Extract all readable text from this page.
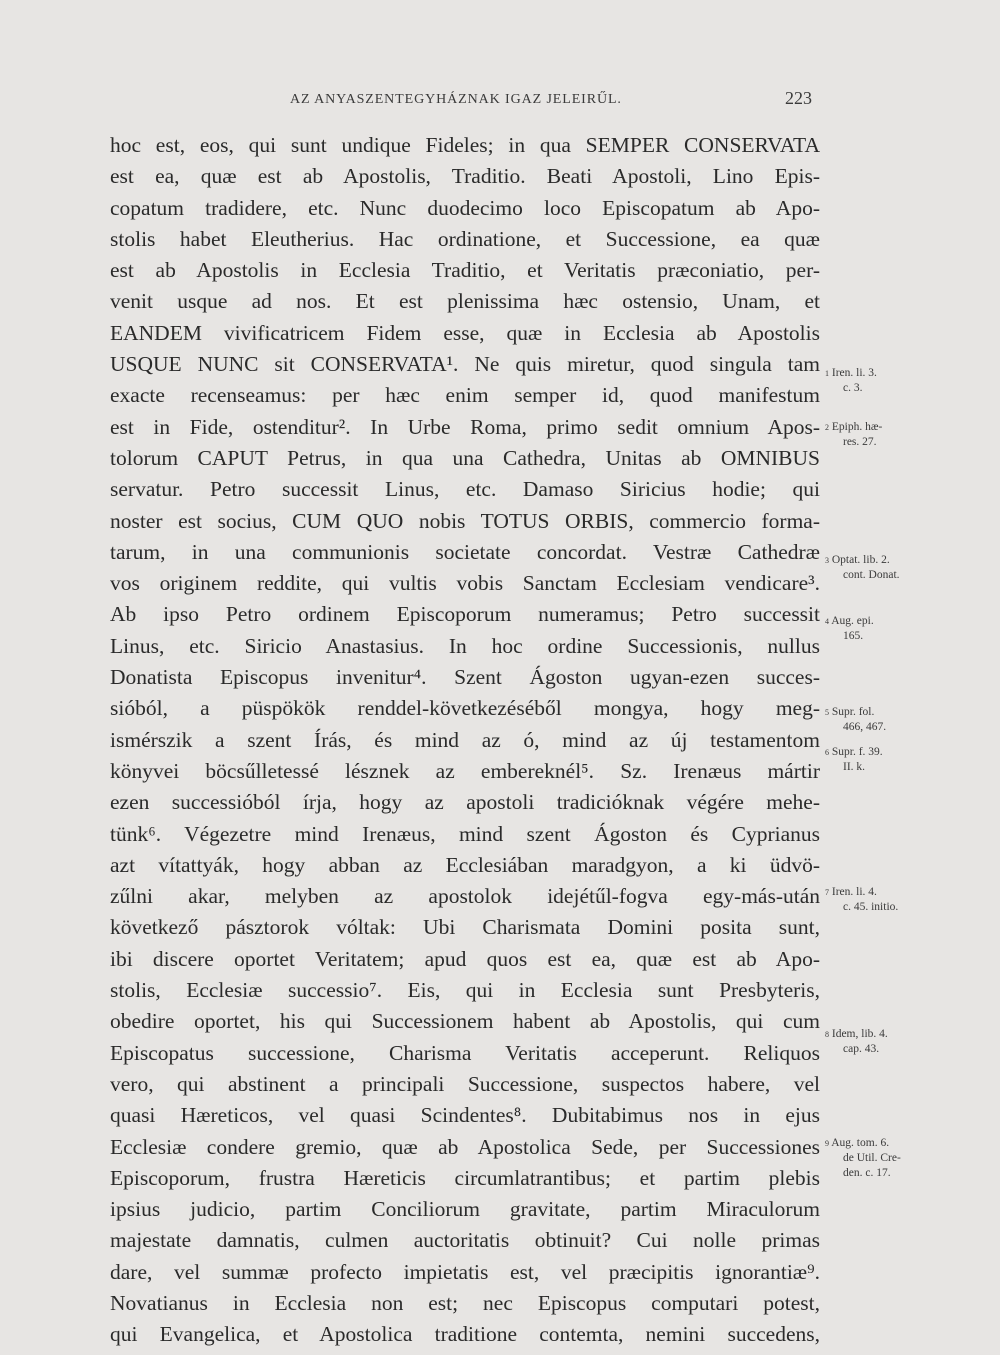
AZ ANYASZENTEGYHÁZNAK IGAZ JELEIRŰL.	223
hoc est, eos, qui sunt undique Fideles; in qua SEMPER CONSERVATA
est ea, quæ est ab Apostolis, Traditio. Beati Apostoli, Lino Epis-
copatum tradidere, etc. Nunc duodecimo loco Episcopatum ab Apo-
stolis habet Eleutherius. Hac ordinatione, et Successione, ea quæ
est ab Apostolis in Ecclesia Traditio, et Veritatis præconiatio, per-
venit usque ad nos. Et est plenissima hæc ostensio, Unam, et
EANDEM vivificatricem Fidem esse, quæ in Ecclesia ab Apostolis
USQUE NUNC sit CONSERVATA¹. Ne quis miretur, quod singula tam
exacte recenseamus: per hæc enim semper id, quod manifestum
est in Fide, ostenditur². In Urbe Roma, primo sedit omnium Apos-
tolorum CAPUT Petrus, in qua una Cathedra, Unitas ab OMNIBUS
servatur. Petro successit Linus, etc. Damaso Siricius hodie; qui
noster est socius, CUM QUO nobis TOTUS ORBIS, commercio forma-
tarum, in una communionis societate concordat. Vestræ Cathedræ
vos originem reddite, qui vultis vobis Sanctam Ecclesiam vendicare³.
Ab ipso Petro ordinem Episcoporum numeramus; Petro successit
Linus, etc. Siricio Anastasius. In hoc ordine Successionis, nullus
Donatista Episcopus invenitur⁴. Szent Ágoston ugyan-ezen succes-
sióból, a püspökök renddel-következéséből mongya, hogy meg-
ismérszik a szent Írás, és mind az ó, mind az új testamentom
könyvei böcsűlletessé lésznek az embereknél⁵. Sz. Irenæus mártir
ezen successióból írja, hogy az apostoli tradicióknak végére mehe-
tünk⁶. Végezetre mind Irenæus, mind szent Ágoston és Cyprianus
azt vítattyák, hogy abban az Ecclesiában maradgyon, a ki üdvö-
zűlni akar, melyben az apostolok idejétűl-fogva egy-más-után
következő pásztorok vóltak: Ubi Charismata Domini posita sunt,
ibi discere oportet Veritatem; apud quos est ea, quæ est ab Apo-
stolis, Ecclesiæ successio⁷. Eis, qui in Ecclesia sunt Presbyteris,
obedire oportet, his qui Successionem habent ab Apostolis, qui cum
Episcopatus successione, Charisma Veritatis acceperunt. Reliquos
vero, qui abstinent a principali Successione, suspectos habere, vel
quasi Hæreticos, vel quasi Scindentes⁸. Dubitabimus nos in ejus
Ecclesiæ condere gremio, quæ ab Apostolica Sede, per Successiones
Episcoporum, frustra Hæreticis circumlatrantibus; et partim plebis
ipsius judicio, partim Conciliorum gravitate, partim Miraculorum
majestate damnatis, culmen auctoritatis obtinuit? Cui nolle primas
dare, vel summæ profecto impietatis est, vel præcipitis ignorantiæ⁹.
Novatianus in Ecclesia non est; nec Episcopus computari potest,
qui Evangelica, et Apostolica traditione contemta, nemini succedens,
$^1$ Iren. li. 3.
c. 3.
$^2$ Epiph. hæ-
res. 27.
$^3$ Optat. lib. 2.
cont. Donat.
$^4$ Aug. epi.
165.
$^5$ Supr. fol.
466, 467.
$^6$ Supr. f. 39.
II. k.
$^7$ Iren. li. 4.
c. 45. initio.
$^8$ Idem, lib. 4.
cap. 43.
$^9$ Aug. tom. 6.
de Util. Cre-
den. c. 17.
